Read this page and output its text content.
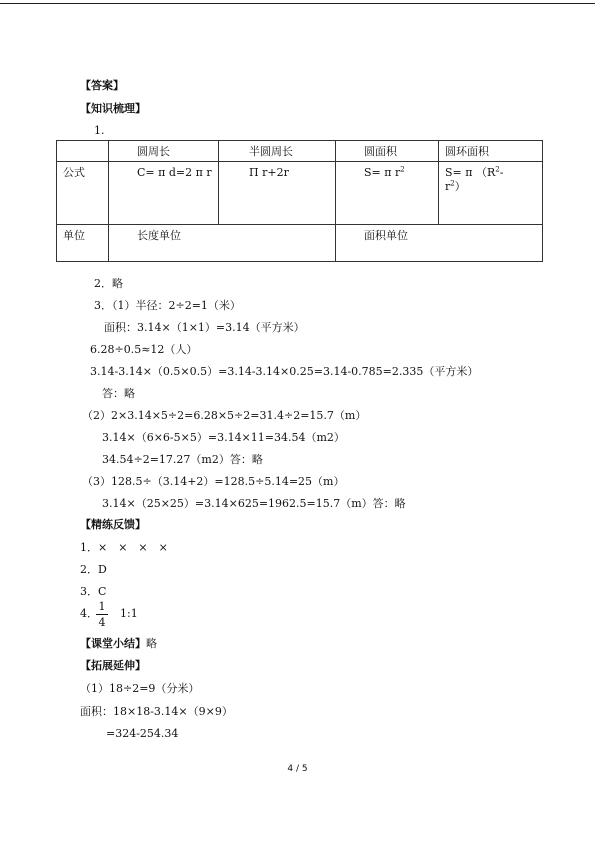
【答案】
【知识梳理】
1.
	圆周长	半圆周长	圆面积	圆环面积
公式	C= π d=2 π r	Π r+2r	S= π $r^2$	S= π （$R^2-$
$r^2$）
单位	长度单位		面积单位	
2．略
3．（1）半径：2÷2=1（米）
面积：3.14×（1×1）=3.14（平方米）
6.28÷0.5≈12（人）
3.14-3.14×（0.5×0.5）=3.14-3.14×0.25=3.14-0.785=2.335（平方米）
答：略
（2）2×3.14×5÷2=6.28×5÷2=31.4÷2=15.7（m）
3.14×（6×6-5×5）=3.14×11=34.54（m2）
34.54÷2=17.27（m2）答：略
（3）128.5÷（3.14+2）=128.5÷5.14=25（m）
3.14×（25×25）=3.14×625=1962.5=15.7（m）答：略
【精练反馈】
1．×　×　×　×
2．D
3．C
4．
1
4
1:1
【课堂小结】略
【拓展延伸】
（1）18÷2=9（分米）
面积：18×18-3.14×（9×9）
=324-254.34
4 / 5
